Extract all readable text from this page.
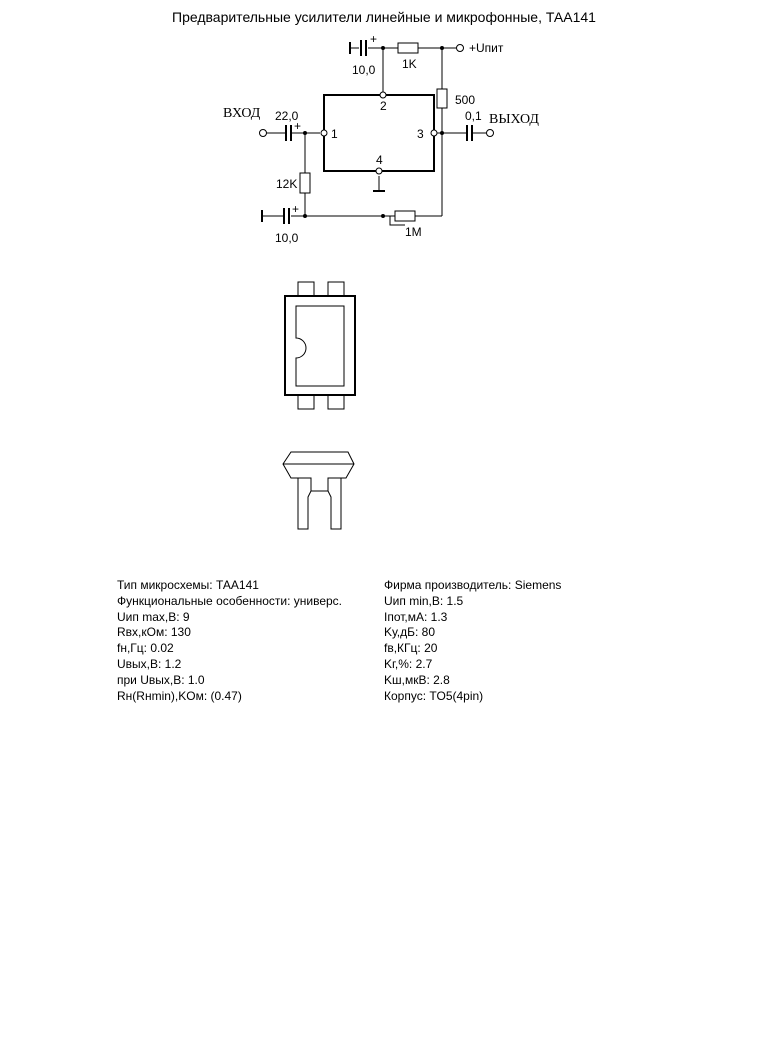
Предварительные усилители линейные и микрофонные, ТАА141
10,0 1K
+Uпит
+
500
ВХОД	ВЫХОД
22,0
+
0,1
12K
+
10,0	1M
1
2
3
4
Тип микросхемы: ТАА141
Функциональные особенности: универс.
Uип max,B: 9
Rвх,кОм: 130
fн,Гц: 0.02
Uвых,B: 1.2
при Uвых,B: 1.0
Rн(Rнmin),KOм: (0.47)
Фирма производитель: Siemens
Uип min,B: 1.5
Iпот,мА: 1.3
Kу,дБ: 80
fв,КГц: 20
Kг,%: 2.7
Kш,мкВ: 2.8
Корпус: TO5(4pin)
